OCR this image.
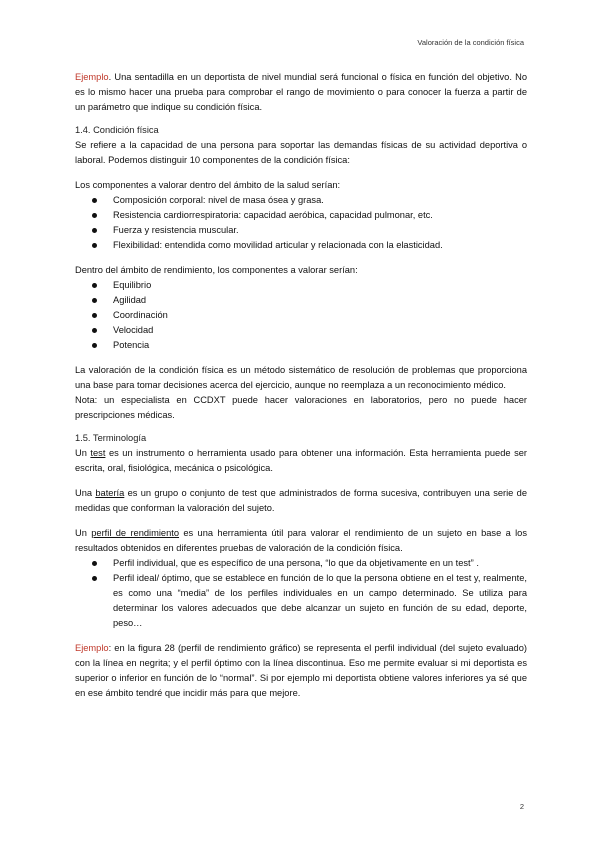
Valoración de la condición física

Ejemplo. Una sentadilla en un deportista de nivel mundial será funcional o física en función del objetivo. No es lo mismo hacer una prueba para comprobar el rango de movimiento o para conocer la fuerza a partir de un parámetro que indique su condición física.

1.4. Condición física

Se refiere a la capacidad de una persona para soportar las demandas físicas de su actividad deportiva o laboral. Podemos distinguir 10 componentes de la condición física:

Los componentes a valorar dentro del ámbito de la salud serían:

Composición corporal: nivel de masa ósea y grasa.
Resistencia cardiorrespiratoria: capacidad aeróbica, capacidad pulmonar, etc.
Fuerza y resistencia muscular.
Flexibilidad: entendida como movilidad articular y relacionada con la elasticidad.

Dentro del ámbito de rendimiento, los componentes a valorar serían:

Equilibrio
Agilidad
Coordinación
Velocidad
Potencia

La valoración de la condición física es un método sistemático de resolución de problemas que proporciona una base para tomar decisiones acerca del ejercicio, aunque no reemplaza a un reconocimiento médico.

Nota: un especialista en CCDXT puede hacer valoraciones en laboratorios, pero no puede hacer prescripciones médicas.

1.5. Terminología

Un test es un instrumento o herramienta usado para obtener una información. Esta herramienta puede ser escrita, oral, fisiológica, mecánica o psicológica.

Una batería es un grupo o conjunto de test que administrados de forma sucesiva, contribuyen una serie de medidas que conforman la valoración del sujeto.

Un perfil de rendimiento es una herramienta útil para valorar el rendimiento de un sujeto en base a los resultados obtenidos en diferentes pruebas de valoración de la condición física.

Perfil individual, que es específico de una persona, “lo que da objetivamente en un test” .
Perfil ideal/ óptimo, que se establece en función de lo que la persona obtiene en el test y, realmente, es como una “media” de los perfiles individuales en un campo determinado. Se utiliza para determinar los valores adecuados que debe alcanzar un sujeto en función de su edad, deporte, peso…

Ejemplo: en la figura 28 (perfil de rendimiento gráfico) se representa el perfil individual (del sujeto evaluado) con la línea en negrita; y el perfil óptimo con la línea discontinua. Eso me permite evaluar si mi deportista es superior o inferior en función de lo “normal”. Si por ejemplo mi deportista obtiene valores inferiores ya sé que en ese ámbito tendré que incidir más para que mejore.

2
